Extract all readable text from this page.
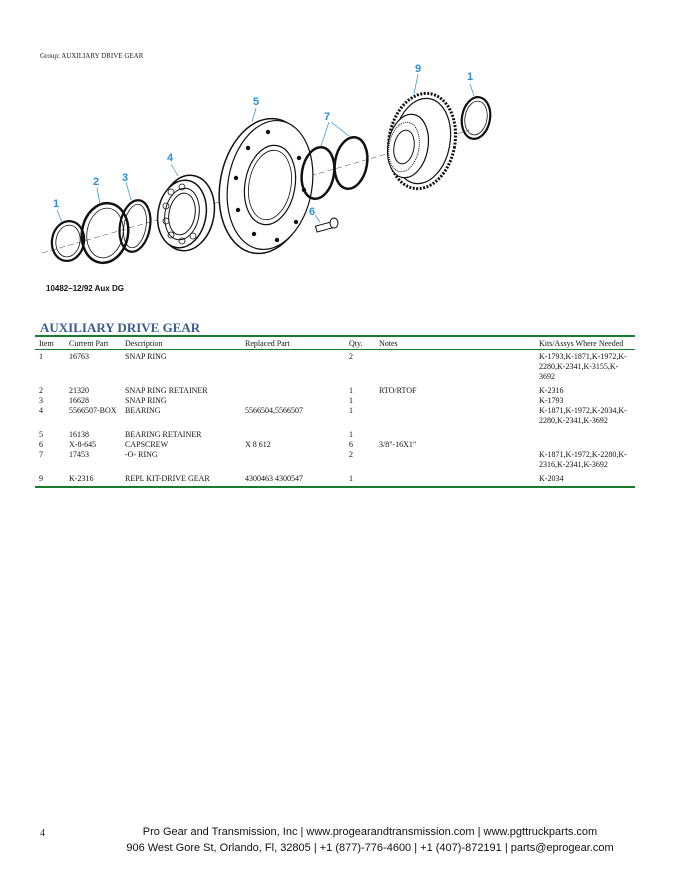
Group: AUXILIARY DRIVE GEAR
1
2 3
4
5
6
7
9
1
10482–12/92 Aux DG
AUXILIARY DRIVE GEAR
Item	Current Part	Description	Replaced Part	Qty.	Notes	Kits/Assys Where Needed
1	16763	SNAP RING		2		K-1793,K-1871,K-1972,K-2280,K-2341,K-3155,K-3692
2	21320	SNAP RING RETAINER		1	RTO/RTOF	K-2316
3	16628	SNAP RING		1		K-1793
4	5566507-BOX	BEARING	5566504,5566507	1		K-1871,K-1972,K-2034,K-2280,K-2341,K-3692
5	16138	BEARING RETAINER		1		
6	X-8-645	CAPSCREW	X 8 612	6	3/8"-16X1"	
7	17453	-O- RING		2		K-1871,K-1972,K-2280,K-2316,K-2341,K-3692
9	K-2316	REPL KIT-DRIVE GEAR	4300463 4300547	1		K-2034
4	Pro Gear and Transmission, Inc | www.progearandtransmission.com | www.pgttruckparts.com
906 West Gore St, Orlando, Fl, 32805 | +1 (877)-776-4600 | +1 (407)-872191 | parts@eprogear.com
